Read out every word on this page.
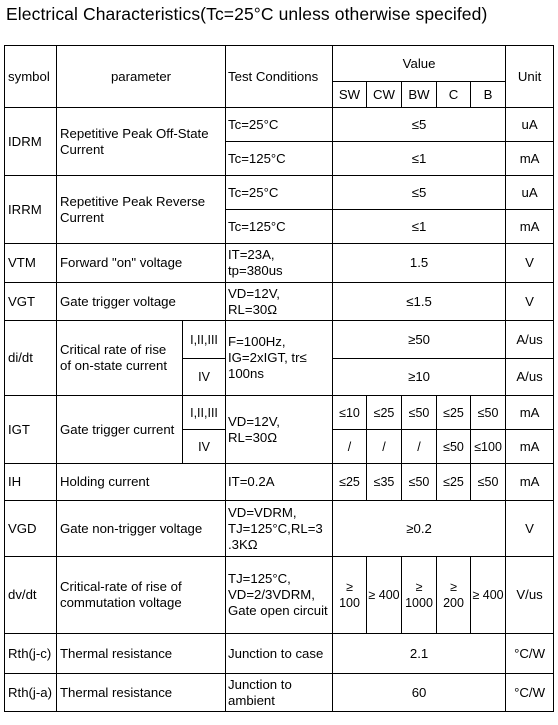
Electrical Characteristics(Tc=25°C unless otherwise specifed)
symbol	parameter		Test Conditions	Value					Unit
				SW	CW	BW	C	B	
IDRM	Repetitive Peak Off-State Current		Tc=25°C	≤5					uA
			Tc=125°C	≤1					mA
IRRM	Repetitive Peak Reverse Current		Tc=25°C	≤5					uA
			Tc=125°C	≤1					mA
VTM	Forward "on" voltage		IT=23A, tp=380us	1.5					V
VGT	Gate trigger voltage		VD=12V, RL=30Ω	≤1.5					V
di/dt	Critical rate of rise of on-state current	I,II,III	F=100Hz, IG=2xIGT, tr≤ 100ns	≥50					A/us
		IV		≥10					A/us
IGT	Gate trigger current	I,II,III	VD=12V, RL=30Ω	≤10	≤25	≤50	≤25	≤50	mA
		IV		/	/	/	≤50	≤100	mA
IH	Holding current		IT=0.2A	≤25	≤35	≤50	≤25	≤50	mA
VGD	Gate non-trigger voltage		VD=VDRM, TJ=125°C,RL=3 .3KΩ	≥0.2					V
dv/dt	Critical-rate of rise of commutation voltage		TJ=125°C, VD=2/3VDRM, Gate open circuit	≥ 100	≥ 400	≥ 1000	≥ 200	≥ 400	V/us
Rth(j-c)	Thermal resistance		Junction to case	2.1					°C/W
Rth(j-a)	Thermal resistance		Junction to ambient	60					°C/W
